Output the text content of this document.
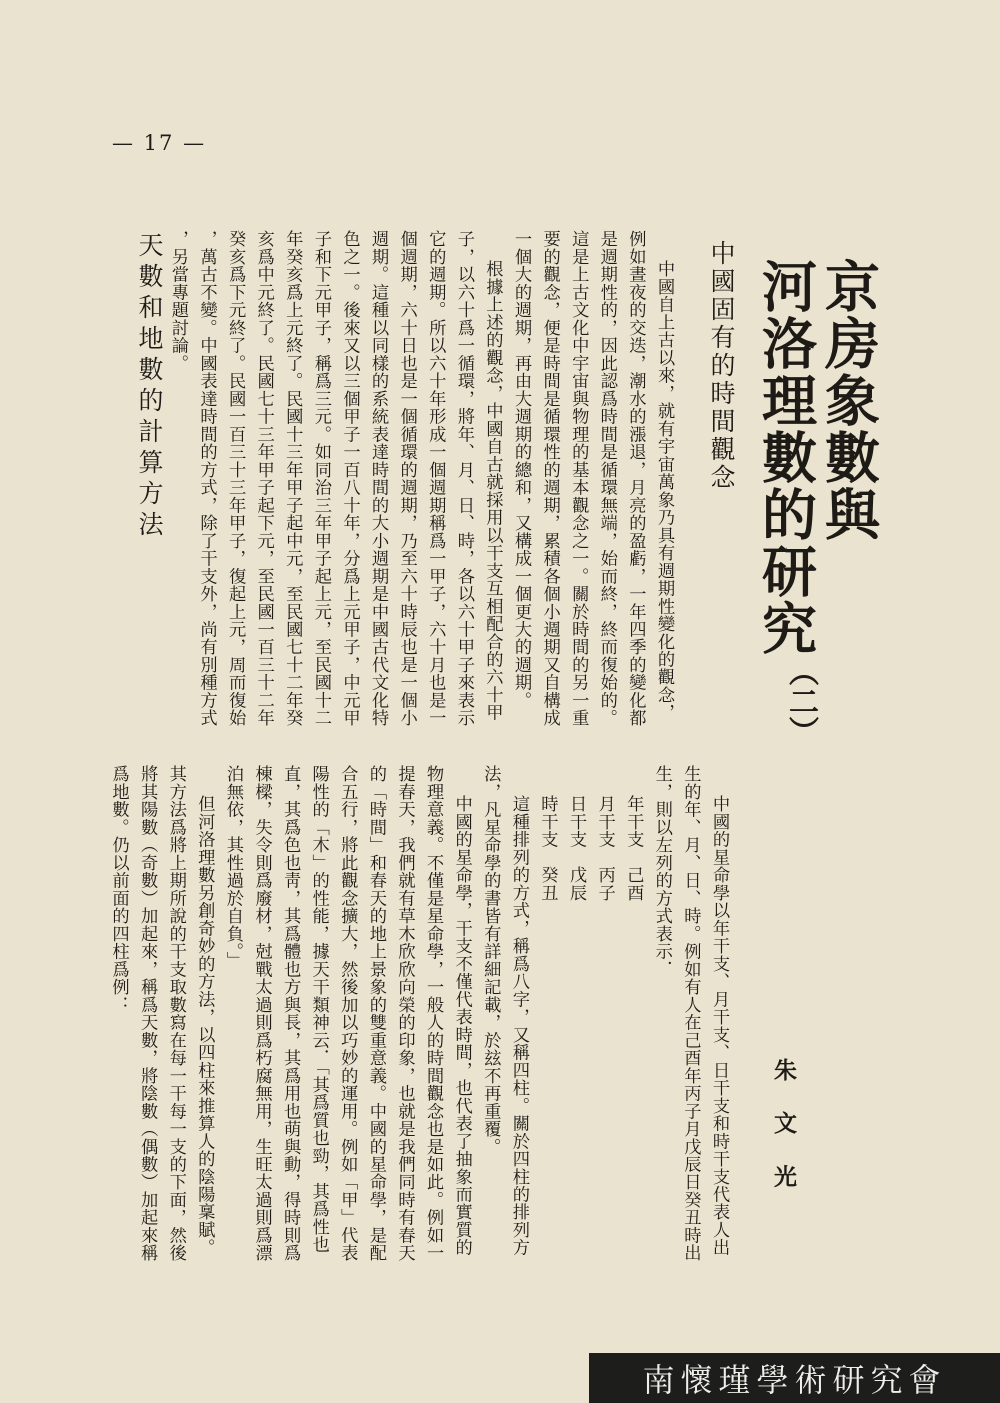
— 17 —
京房象數與
河洛理數的研究
（二）
朱 文 光
中國固有的時間觀念
天數和地數的計算方法	中國自上古以來，就有宇宙萬象乃具有週期性變化的觀念，
例如晝夜的交迭，潮水的漲退，月亮的盈虧，一年四季的變化都
是週期性的，因此認爲時間是循環無端，始而終，終而復始的。
這是上古文化中宇宙與物理的基本觀念之一。關於時間的另一重
要的觀念，便是時間是循環性的週期，累積各個小週期又自構成
一個大的週期，再由大週期的總和，又構成一個更大的週期。
根據上述的觀念，中國自古就採用以干支互相配合的六十甲
子，以六十爲一循環，將年、月、日、時，各以六十甲子來表示
它的週期。所以六十年形成一個週期稱爲一甲子，六十月也是一
個週期，六十日也是一個循環的週期，乃至六十時辰也是一個小
週期。這種以同樣的系統表達時間的大小週期是中國古代文化特
色之一。後來又以三個甲子一百八十年，分爲上元甲子，中元甲
子和下元甲子，稱爲三元。如同治三年甲子起上元，至民國十二
年癸亥爲上元終了。民國十三年甲子起中元，至民國七十二年癸
亥爲中元終了。民國七十三年甲子起下元，至民國一百三十二年
癸亥爲下元終了。民國一百三十三年甲子，復起上元，周而復始
，萬古不變。中國表達時間的方式，除了干支外，尚有別種方式
，另當專題討論。
中國的星命學以年干支、月干支、日干支和時干支代表人出
生的年、月、日、時。例如有人在己酉年丙子月戊辰日癸丑時出
生，則以左列的方式表示．
年干支　己酉
月干支　丙子
日干支　戊辰
時干支　癸丑
這種排列的方式，稱爲八字，又稱四柱。關於四柱的排列方
法，凡星命學的書皆有詳細記載，於玆不再重覆。
中國的星命學，干支不僅代表時間，也代表了抽象而實質的
物理意義。不僅是星命學，一般人的時間觀念也是如此。例如一
提春天，我們就有草木欣欣向榮的印象，也就是我們同時有春天
的「時間」和春天的地上景象的雙重意義。中國的星命學，是配
合五行，將此觀念擴大，然後加以巧妙的運用。例如「甲」代表
陽性的「木」的性能，據天干類神云．「其爲質也勁，其爲性也
直，其爲色也靑，其爲體也方與長，其爲用也萌與動，得時則爲
棟樑，失令則爲廢材，尅戰太過則爲朽腐無用，生旺太過則爲漂
泊無依，其性過於自負。」
但河洛理數另創奇妙的方法，以四柱來推算人的陰陽稟賦。
其方法爲將上期所說的干支取數寫在每一干每一支的下面，然後
將其陽數（奇數）加起來，稱爲天數，將陰數（偶數）加起來稱
爲地數。仍以前面的四柱爲例：
南懷瑾學術研究會
